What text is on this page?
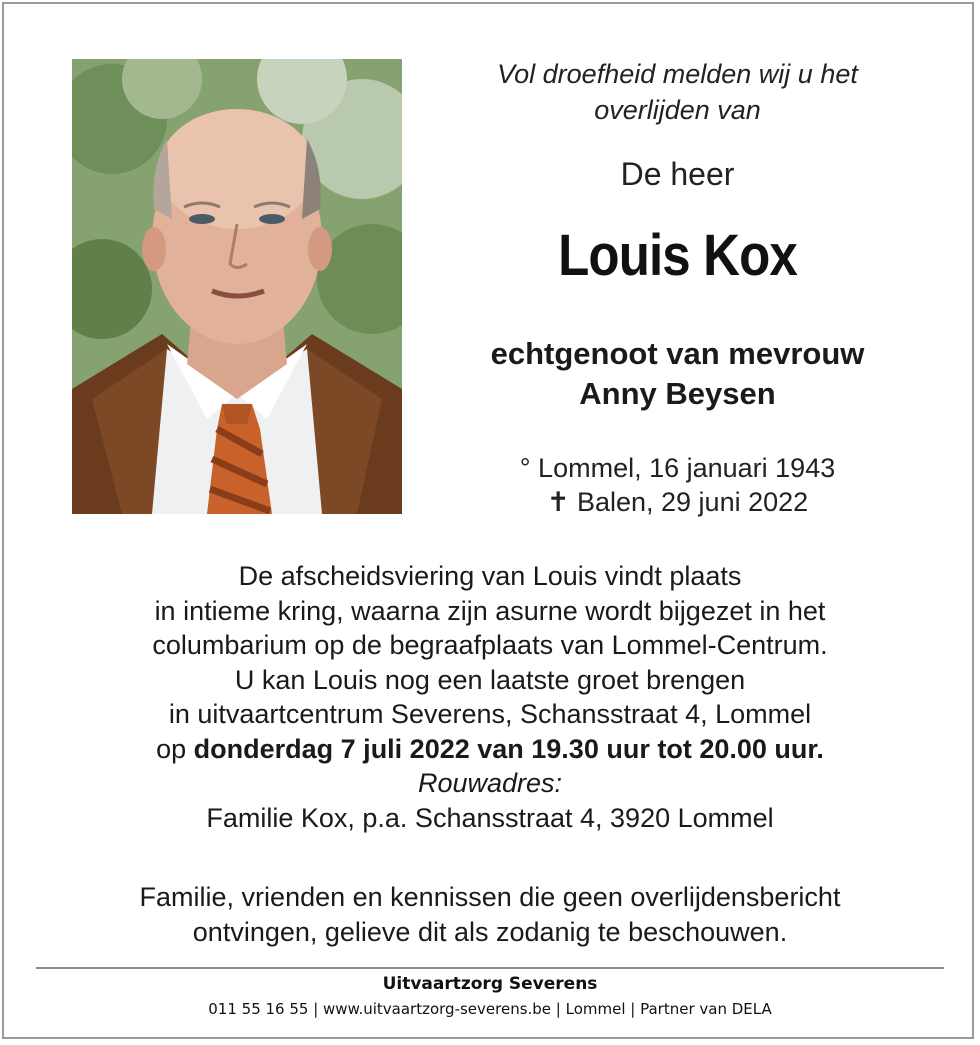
Vol droefheid melden wij u het
overlijden van
De heer
Louis Kox
echtgenoot van mevrouw
Anny Beysen
° Lommel, 16 januari 1943
✝ Balen, 29 juni 2022
De afscheidsviering van Louis vindt plaats
in intieme kring, waarna zijn asurne wordt bijgezet in het
columbarium op de begraafplaats van Lommel-Centrum.
U kan Louis nog een laatste groet brengen
in uitvaartcentrum Severens, Schansstraat 4, Lommel
op donderdag 7 juli 2022 van 19.30 uur tot 20.00 uur.
Rouwadres:
Familie Kox, p.a. Schansstraat 4, 3920 Lommel
Familie, vrienden en kennissen die geen overlijdensbericht
ontvingen, gelieve dit als zodanig te beschouwen.
Uitvaartzorg Severens
011 55 16 55 | www.uitvaartzorg-severens.be | Lommel | Partner van DELA
